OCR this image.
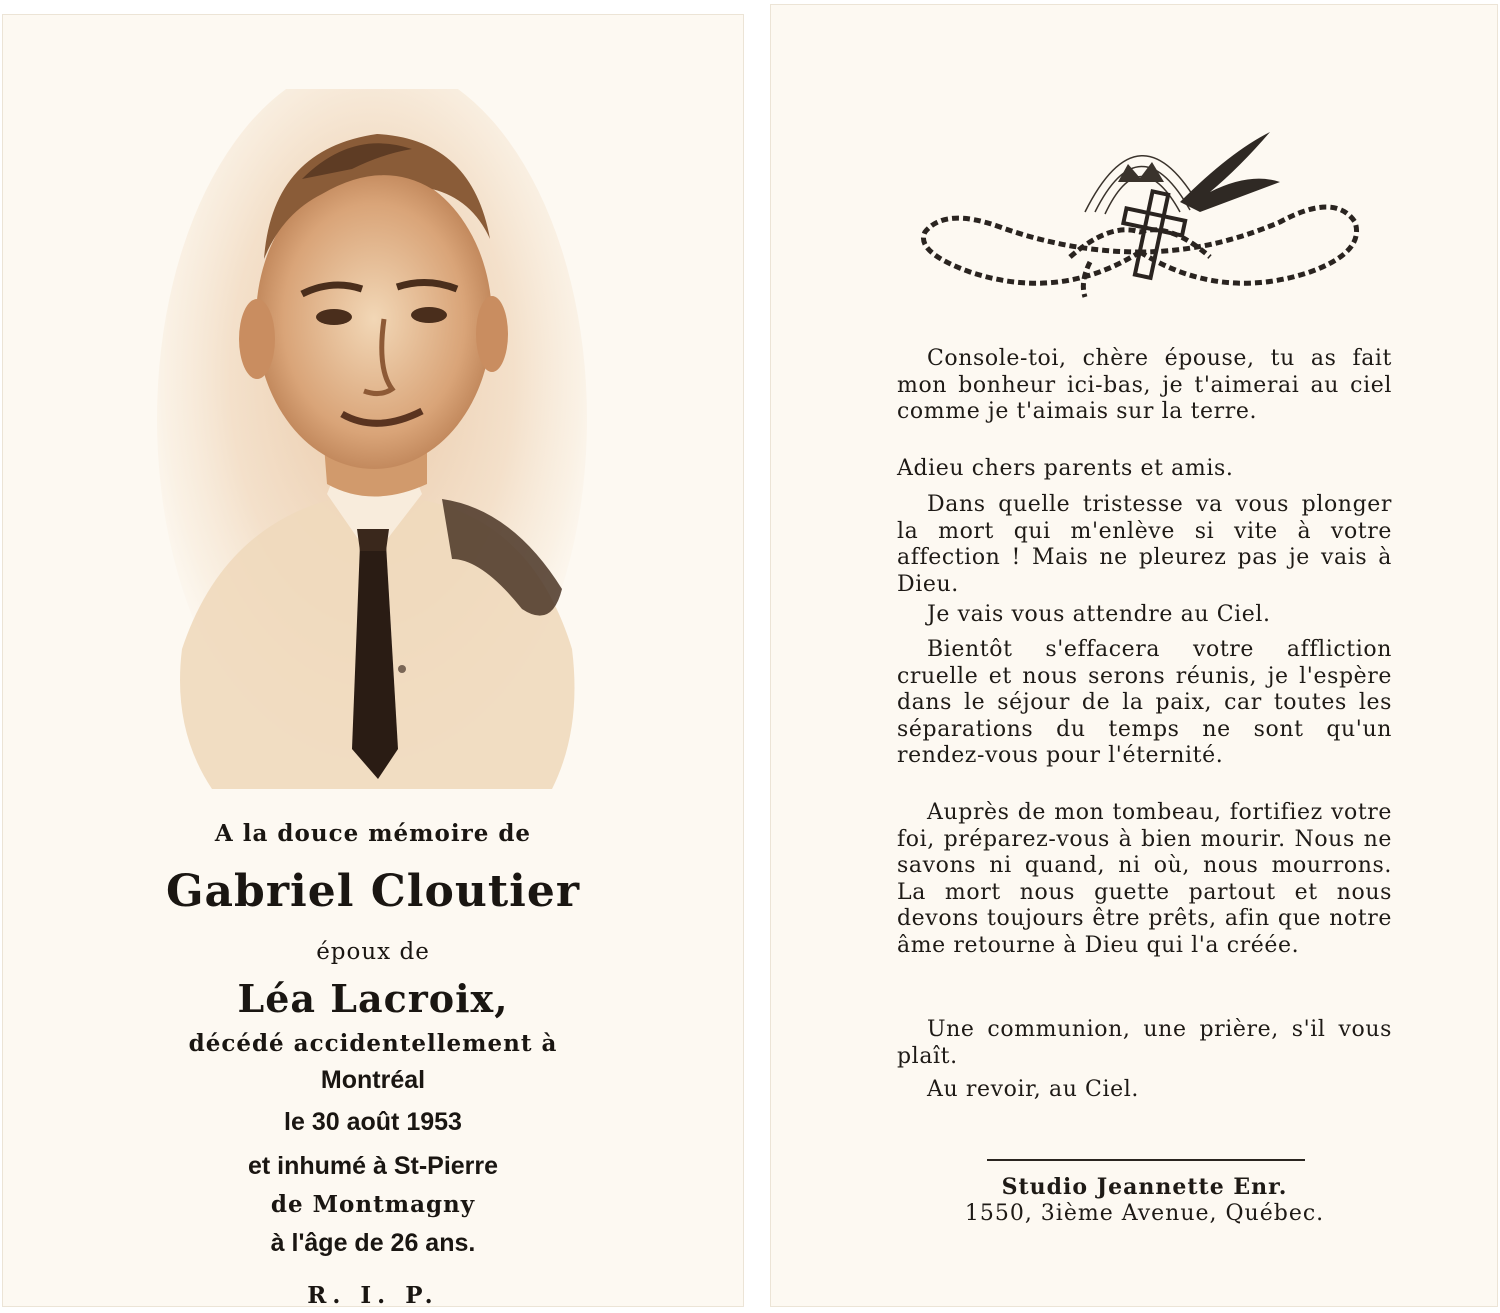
A la douce mémoire de
Gabriel Cloutier
époux de
Léa Lacroix,
décédé accidentellement à
Montréal
le 30 août 1953
et inhumé à St-Pierre
de Montmagny
à l'âge de 26 ans.
R. I. P.

Console-toi, chère épouse, tu as fait mon bonheur ici-bas, je t'aimerai au ciel comme je t'aimais sur la terre.

Adieu chers parents et amis.

Dans quelle tristesse va vous plonger la mort qui m'enlève si vite à votre affection ! Mais ne pleurez pas je vais à Dieu.

Je vais vous attendre au Ciel.

Bientôt s'effacera votre affliction cruelle et nous serons réunis, je l'espère dans le séjour de la paix, car toutes les séparations du temps ne sont qu'un rendez-vous pour l'éternité.

Auprès de mon tombeau, fortifiez votre foi, préparez-vous à bien mourir. Nous ne savons ni quand, ni où, nous mourrons. La mort nous guette partout et nous devons toujours être prêts, afin que notre âme retourne à Dieu qui l'a créée.

Une communion, une prière, s'il vous plaît.

Au revoir, au Ciel.

Studio Jeannette Enr.
1550, 3ième Avenue, Québec.
